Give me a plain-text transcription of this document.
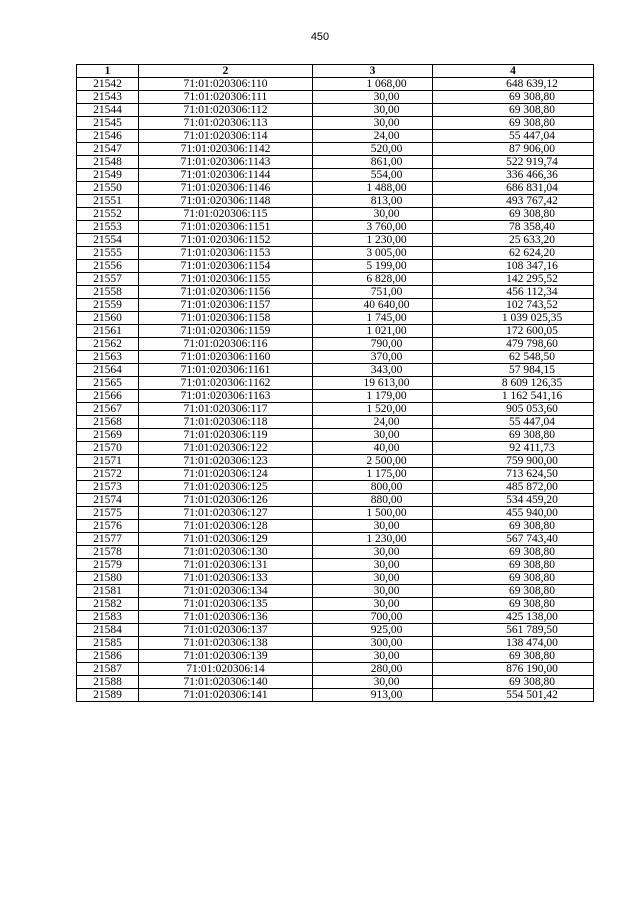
450
1	2	3	4
21542	71:01:020306:110	1 068,00	648 639,12
21543	71:01:020306:111	30,00	69 308,80
21544	71:01:020306:112	30,00	69 308,80
21545	71:01:020306:113	30,00	69 308,80
21546	71:01:020306:114	24,00	55 447,04
21547	71:01:020306:1142	520,00	87 906,00
21548	71:01:020306:1143	861,00	522 919,74
21549	71:01:020306:1144	554,00	336 466,36
21550	71:01:020306:1146	1 488,00	686 831,04
21551	71:01:020306:1148	813,00	493 767,42
21552	71:01:020306:115	30,00	69 308,80
21553	71:01:020306:1151	3 760,00	78 358,40
21554	71:01:020306:1152	1 230,00	25 633,20
21555	71:01:020306:1153	3 005,00	62 624,20
21556	71:01:020306:1154	5 199,00	108 347,16
21557	71:01:020306:1155	6 828,00	142 295,52
21558	71:01:020306:1156	751,00	456 112,34
21559	71:01:020306:1157	40 640,00	102 743,52
21560	71:01:020306:1158	1 745,00	1 039 025,35
21561	71:01:020306:1159	1 021,00	172 600,05
21562	71:01:020306:116	790,00	479 798,60
21563	71:01:020306:1160	370,00	62 548,50
21564	71:01:020306:1161	343,00	57 984,15
21565	71:01:020306:1162	19 613,00	8 609 126,35
21566	71:01:020306:1163	1 179,00	1 162 541,16
21567	71:01:020306:117	1 520,00	905 053,60
21568	71:01:020306:118	24,00	55 447,04
21569	71:01:020306:119	30,00	69 308,80
21570	71:01:020306:122	40,00	92 411,73
21571	71:01:020306:123	2 500,00	759 900,00
21572	71:01:020306:124	1 175,00	713 624,50
21573	71:01:020306:125	800,00	485 872,00
21574	71:01:020306:126	880,00	534 459,20
21575	71:01:020306:127	1 500,00	455 940,00
21576	71:01:020306:128	30,00	69 308,80
21577	71:01:020306:129	1 230,00	567 743,40
21578	71:01:020306:130	30,00	69 308,80
21579	71:01:020306:131	30,00	69 308,80
21580	71:01:020306:133	30,00	69 308,80
21581	71:01:020306:134	30,00	69 308,80
21582	71:01:020306:135	30,00	69 308,80
21583	71:01:020306:136	700,00	425 138,00
21584	71:01:020306:137	925,00	561 789,50
21585	71:01:020306:138	300,00	138 474,00
21586	71:01:020306:139	30,00	69 308,80
21587	71:01:020306:14	280,00	876 190,00
21588	71:01:020306:140	30,00	69 308,80
21589	71:01:020306:141	913,00	554 501,42
